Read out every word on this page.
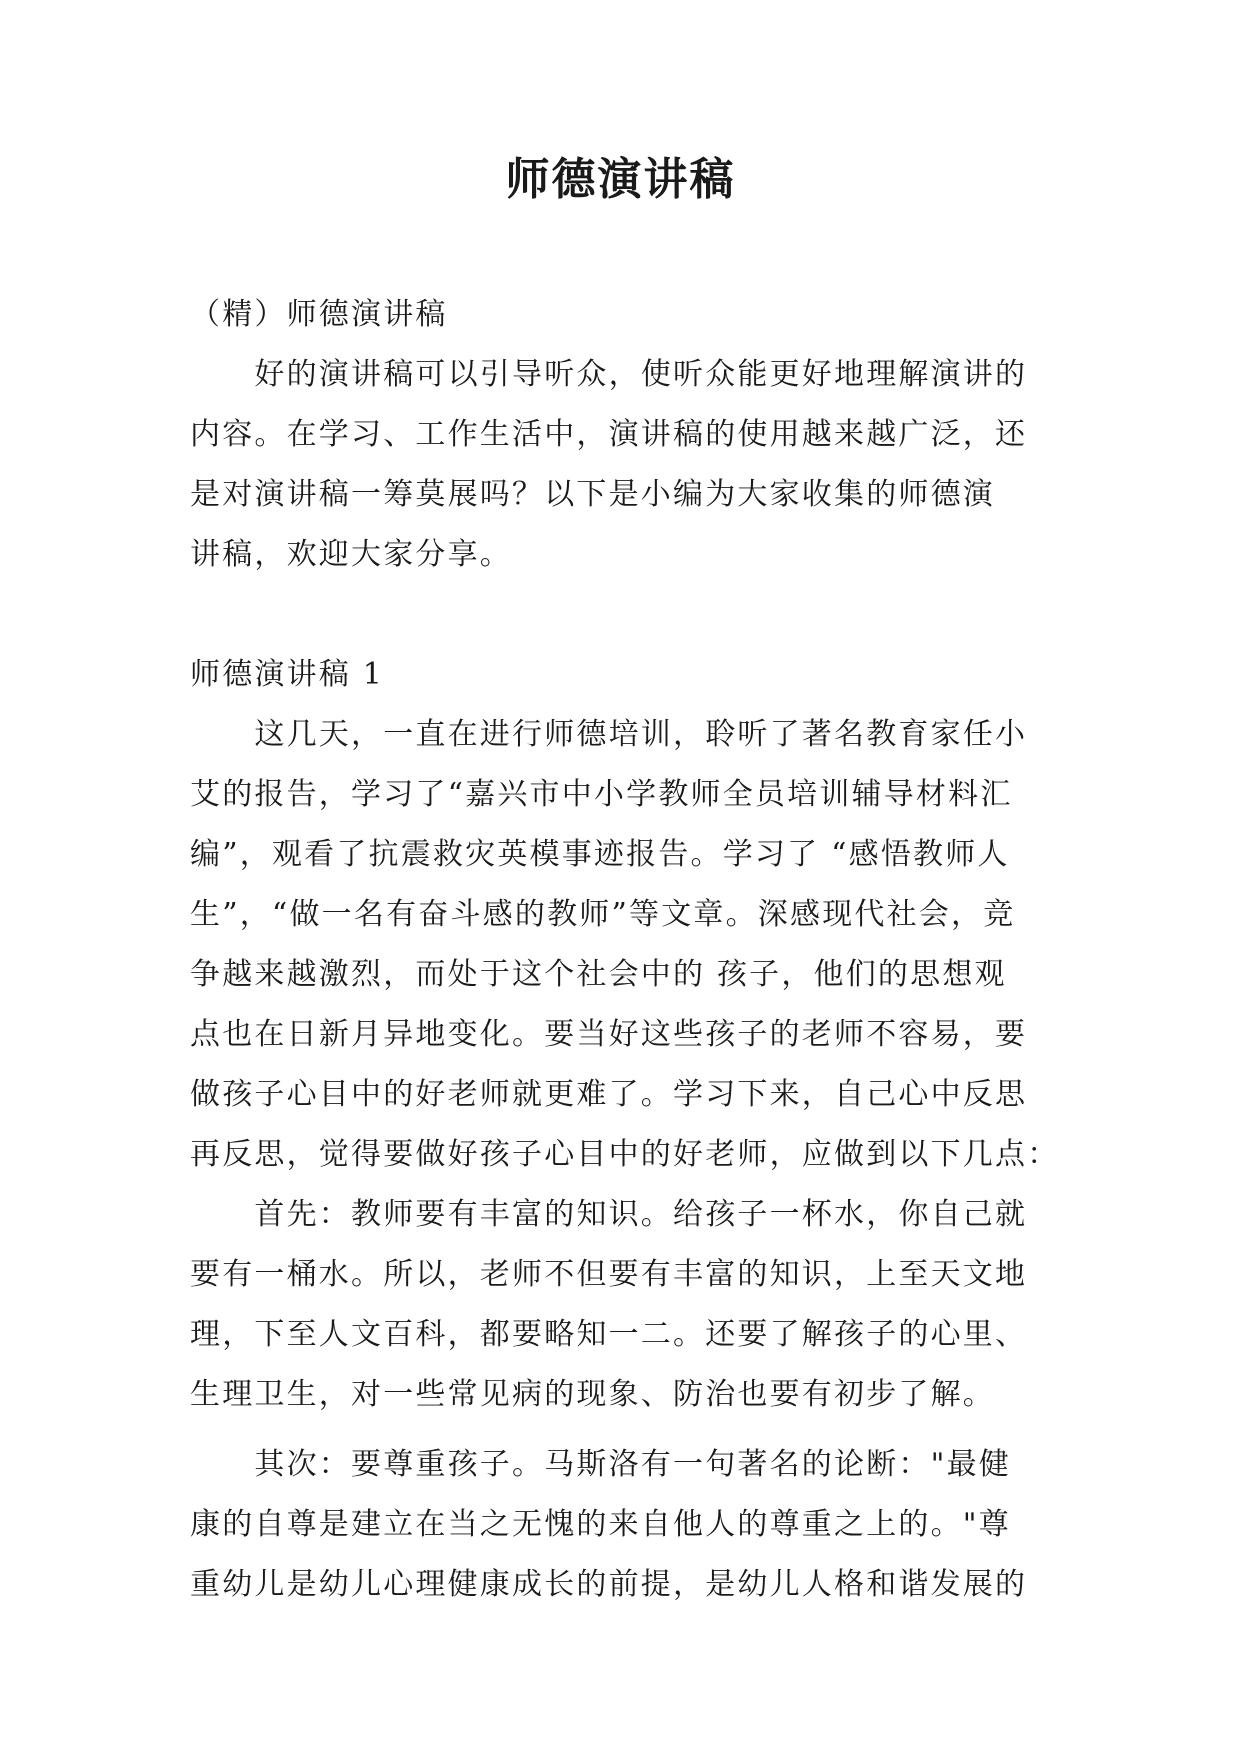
师德演讲稿
（精）师德演讲稿
　　好的演讲稿可以引导听众，使听众能更好地理解演讲的
内容。在学习、工作生活中，演讲稿的使用越来越广泛，还
是对演讲稿一筹莫展吗？以下是小编为大家收集的师德演
讲稿，欢迎大家分享。
师德演讲稿 1
　　这几天，一直在进行师德培训，聆听了著名教育家任小
艾的报告，学习了“嘉兴市中小学教师全员培训辅导材料汇
编”，观看了抗震救灾英模事迹报告。学习了 “感悟教师人
生”，“做一名有奋斗感的教师”等文章。深感现代社会，竞
争越来越激烈，而处于这个社会中的 孩子，他们的思想观
点也在日新月异地变化。要当好这些孩子的老师不容易，要
做孩子心目中的好老师就更难了。学习下来，自己心中反思
再反思，觉得要做好孩子心目中的好老师，应做到以下几点：
　　首先：教师要有丰富的知识。给孩子一杯水，你自己就
要有一桶水。所以，老师不但要有丰富的知识，上至天文地
理，下至人文百科，都要略知一二。还要了解孩子的心里、
生理卫生，对一些常见病的现象、防治也要有初步了解。
　　其次：要尊重孩子。马斯洛有一句著名的论断："最健
康的自尊是建立在当之无愧的来自他人的尊重之上的。"尊
重幼儿是幼儿心理健康成长的前提，是幼儿人格和谐发展的
